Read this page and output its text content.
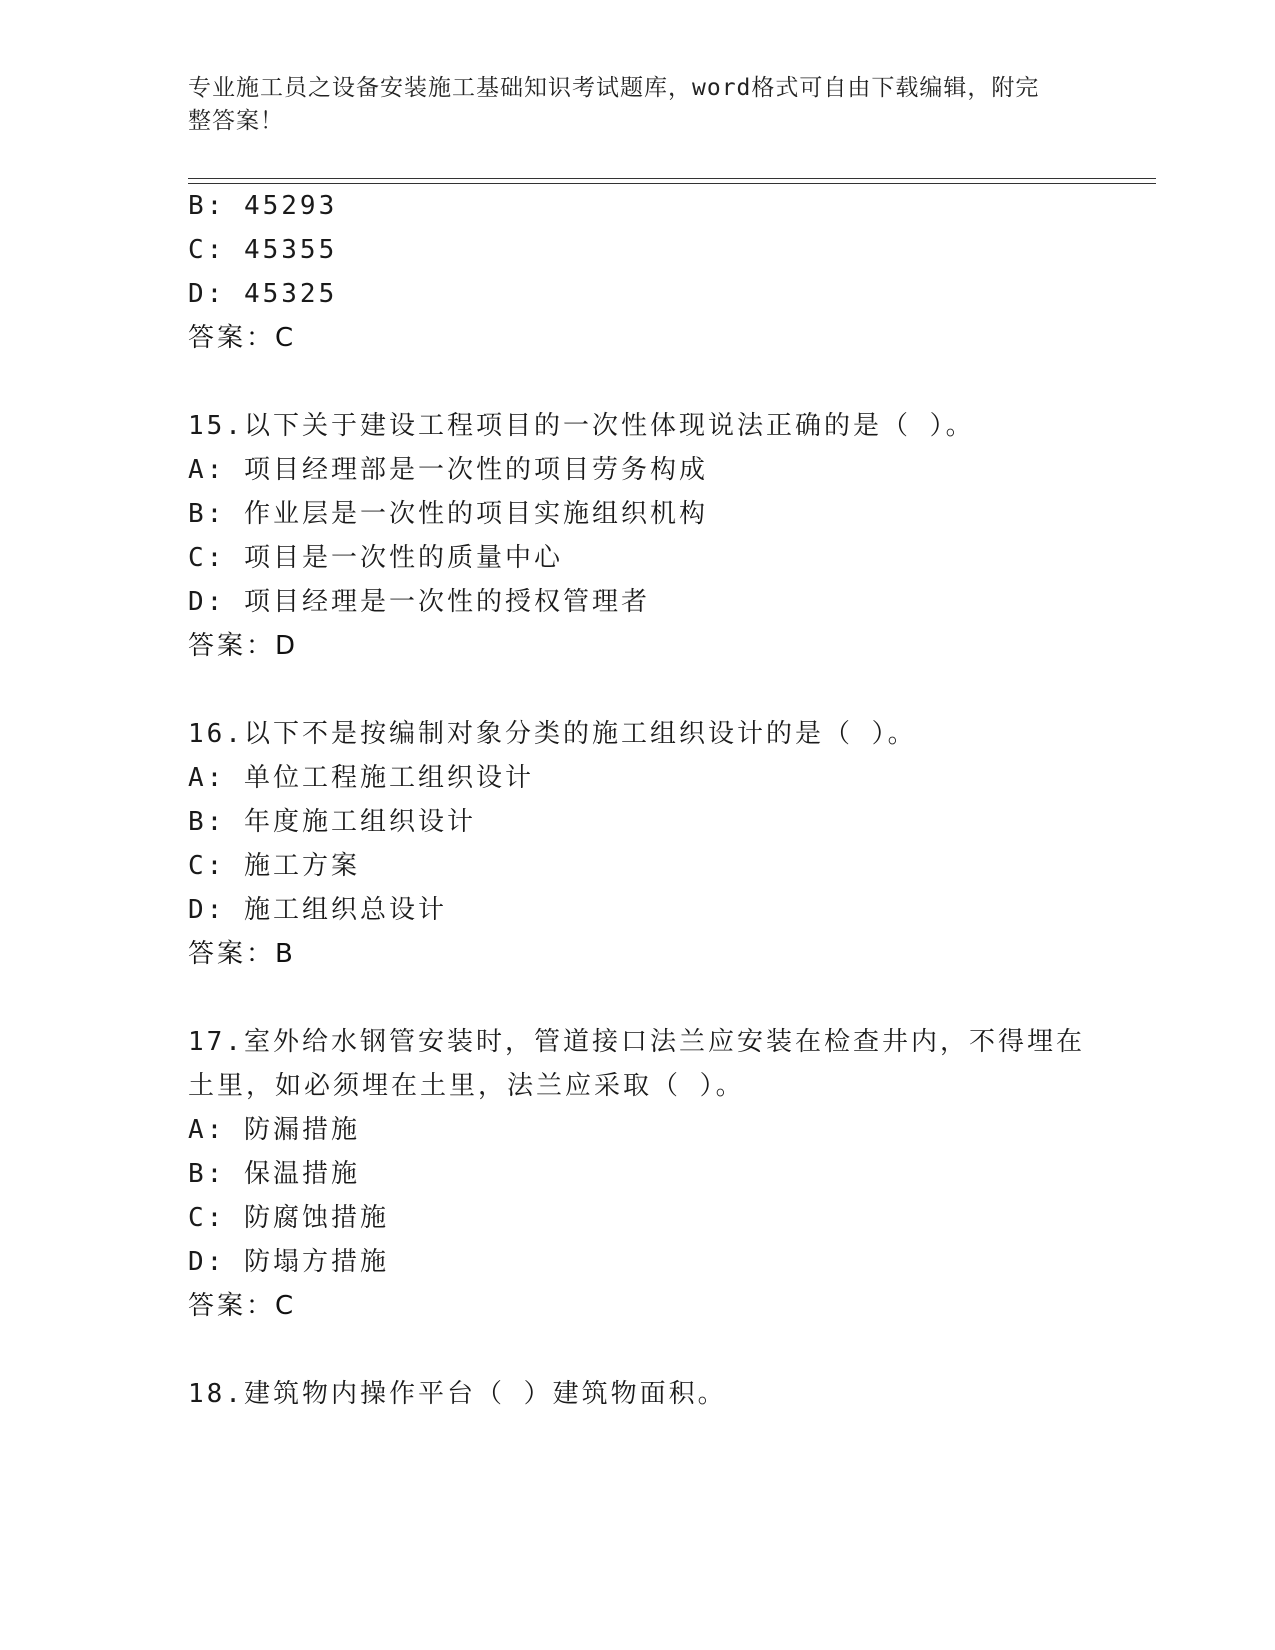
专业施工员之设备安装施工基础知识考试题库，word格式可自由下载编辑，附完
整答案！
B: 45293
C: 45355
D: 45325
答案：C
15.以下关于建设工程项目的一次性体现说法正确的是（ ）。
A: 项目经理部是一次性的项目劳务构成
B: 作业层是一次性的项目实施组织机构
C: 项目是一次性的质量中心
D: 项目经理是一次性的授权管理者
答案：D
16.以下不是按编制对象分类的施工组织设计的是（ ）。
A: 单位工程施工组织设计
B: 年度施工组织设计
C: 施工方案
D: 施工组织总设计
答案：B
17.室外给水钢管安装时，管道接口法兰应安装在检查井内，不得埋在
土里，如必须埋在土里，法兰应采取（ ）。
A: 防漏措施
B: 保温措施
C: 防腐蚀措施
D: 防塌方措施
答案：C
18.建筑物内操作平台（ ）建筑物面积。
